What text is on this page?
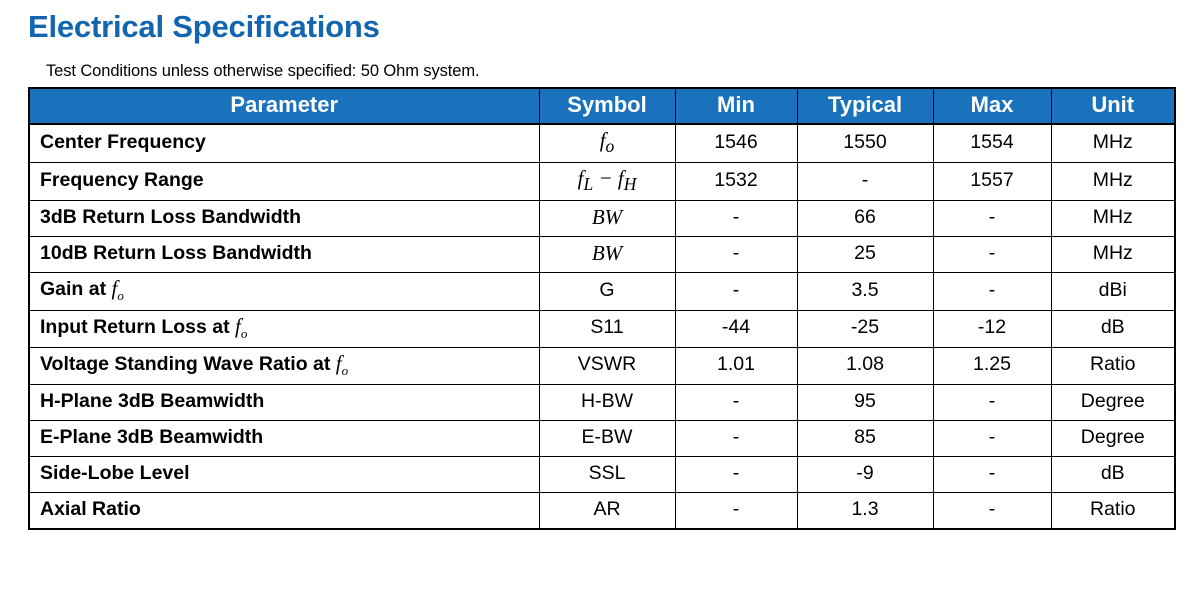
Electrical Specifications
Test Conditions unless otherwise specified: 50 Ohm system.
Parameter	Symbol	Min	Typical	Max	Unit
Center Frequency	$f_o$	1546	1550	1554	MHz
Frequency Range	$f_L - f_H$	1532	-	1557	MHz
3dB Return Loss Bandwidth	BW	-	66	-	MHz
10dB Return Loss Bandwidth	BW	-	25	-	MHz
Gain at $f_o$	G	-	3.5	-	dBi
Input Return Loss at $f_o$	S11	-44	-25	-12	dB
Voltage Standing Wave Ratio at $f_o$	VSWR	1.01	1.08	1.25	Ratio
H-Plane 3dB Beamwidth	H-BW	-	95	-	Degree
E-Plane 3dB Beamwidth	E-BW	-	85	-	Degree
Side-Lobe Level	SSL	-	-9	-	dB
Axial Ratio	AR	-	1.3	-	Ratio
